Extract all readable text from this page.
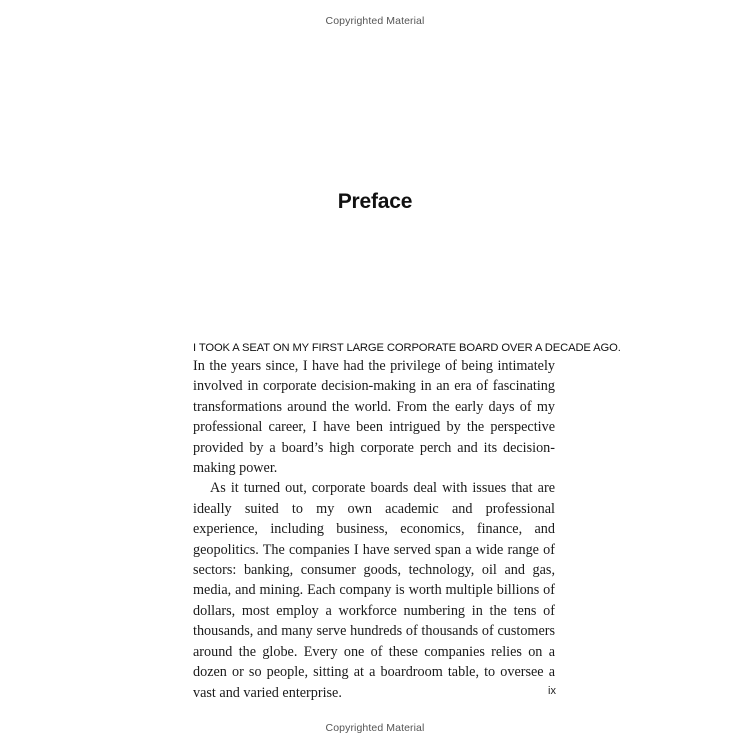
Copyrighted Material
Preface

I TOOK A SEAT ON MY FIRST LARGE CORPORATE BOARD OVER A DECADE AGO.

In the years since, I have had the privilege of being intimately involved in corporate decision-making in an era of fascinating transformations around the world. From the early days of my professional career, I have been intrigued by the perspective provided by a board’s high corporate perch and its decision-making power.

As it turned out, corporate boards deal with issues that are ideally suited to my own academic and professional experience, including business, economics, finance, and geopolitics. The companies I have served span a wide range of sectors: banking, consumer goods, technology, oil and gas, media, and mining. Each company is worth multiple billions of dollars, most employ a workforce numbering in the tens of thousands, and many serve hundreds of thousands of customers around the globe. Every one of these companies relies on a dozen or so people, sitting at a boardroom table, to oversee a vast and varied enterprise.	ix
Copyrighted Material
